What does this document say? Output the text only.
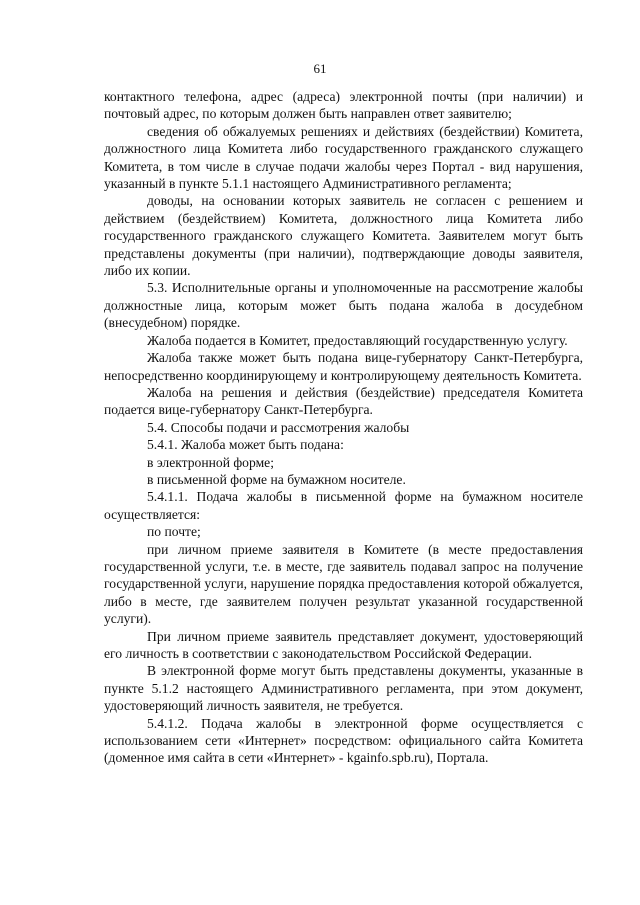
61

контактного телефона, адрес (адреса) электронной почты (при наличии) и почтовый адрес, по которым должен быть направлен ответ заявителю;

сведения об обжалуемых решениях и действиях (бездействии) Комитета, должностного лица Комитета либо государственного гражданского служащего Комитета, в том числе в случае подачи жалобы через Портал - вид нарушения, указанный в пункте 5.1.1 настоящего Административного регламента;

доводы, на основании которых заявитель не согласен с решением и действием (бездействием) Комитета, должностного лица Комитета либо государственного гражданского служащего Комитета. Заявителем могут быть представлены документы (при наличии), подтверждающие доводы заявителя, либо их копии.

5.3. Исполнительные органы и уполномоченные на рассмотрение жалобы должностные лица, которым может быть подана жалоба в досудебном (внесудебном) порядке.

Жалоба подается в Комитет, предоставляющий государственную услугу.

Жалоба также может быть подана вице-губернатору Санкт-Петербурга, непосредственно координирующему и контролирующему деятельность Комитета.

Жалоба на решения и действия (бездействие) председателя Комитета подается вице-губернатору Санкт-Петербурга.

5.4. Способы подачи и рассмотрения жалобы

5.4.1. Жалоба может быть подана:

в электронной форме;

в письменной форме на бумажном носителе.

5.4.1.1. Подача жалобы в письменной форме на бумажном носителе осуществляется:

по почте;

при личном приеме заявителя в Комитете (в месте предоставления государственной услуги, т.е. в месте, где заявитель подавал запрос на получение государственной услуги, нарушение порядка предоставления которой обжалуется, либо в месте, где заявителем получен результат указанной государственной услуги).

При личном приеме заявитель представляет документ, удостоверяющий его личность в соответствии с законодательством Российской Федерации.

В электронной форме могут быть представлены документы, указанные в пункте 5.1.2 настоящего Административного регламента, при этом документ, удостоверяющий личность заявителя, не требуется.

5.4.1.2. Подача жалобы в электронной форме осуществляется с использованием сети «Интернет» посредством: официального сайта Комитета (доменное имя сайта в сети «Интернет» - kgainfo.spb.ru), Портала.
